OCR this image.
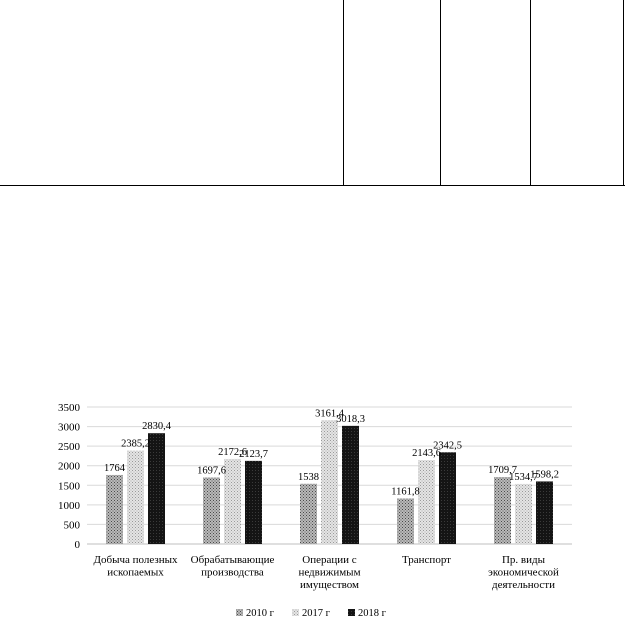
0
500
1000
1500
2000
2500
3000
3500
1764
2385,2
2830,4
1697,6
2172,6
2123,7
1538
3161,4
3018,3
1161,8
2143,6
2342,5
1709,7
1534,7
1598,2
Добыча полезных
ископаемых
Обрабатывающие
производства
Операции с
недвижимым
имуществом
Транспорт	Пр. виды
экономической
деятельности
2010 г	2017 г	2018 г
